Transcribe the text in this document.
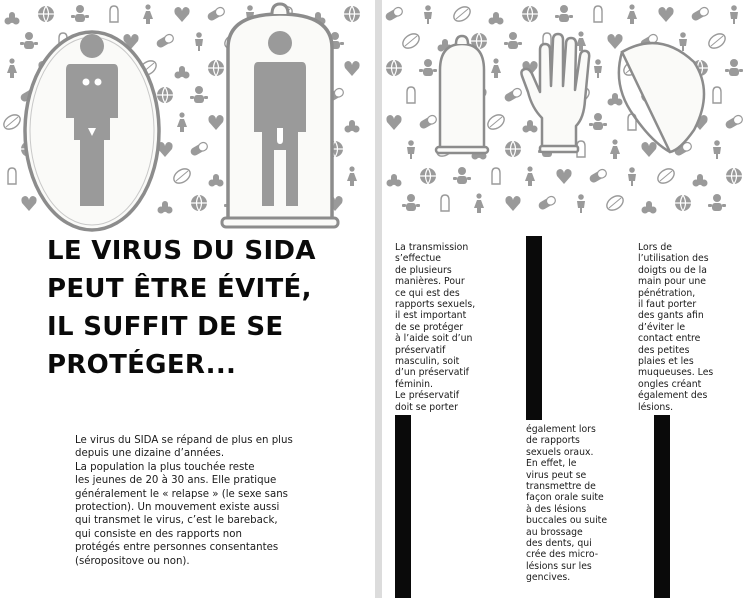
LE VIRUS DU SIDA
PEUT ÊTRE ÉVITÉ,
IL SUFFIT DE SE
PROTÉGER...
Le virus du SIDA se répand de plus en plus
depuis une dizaine d’années.
La population la plus touchée reste
les jeunes de 20 à 30 ans. Elle pratique
généralement le « relapse » (le sexe sans
protection). Un mouvement existe aussi
qui transmet le virus, c’est le bareback,
qui consiste en des rapports non
protégés entre personnes consentantes
(séropositove ou non).
La transmission
s’effectue
de plusieurs
manières. Pour
ce qui est des
rapports sexuels,
il est important
de se protéger
à l’aide soit d’un
préservatif
masculin, soit
d’un préservatif
féminin.
Le préservatif
doit se porter
également lors
de rapports
sexuels oraux.
En effet, le
virus peut se
transmettre de
façon orale suite
à des lésions
buccales ou suite
au brossage
des dents, qui
crée des micro-
lésions sur les
gencives.
Lors de
l’utilisation des
doigts ou de la
main pour une
pénétration,
il faut porter
des gants afin
d’éviter le
contact entre
des petites
plaies et les
muqueuses. Les
ongles créant
également des
lésions.
